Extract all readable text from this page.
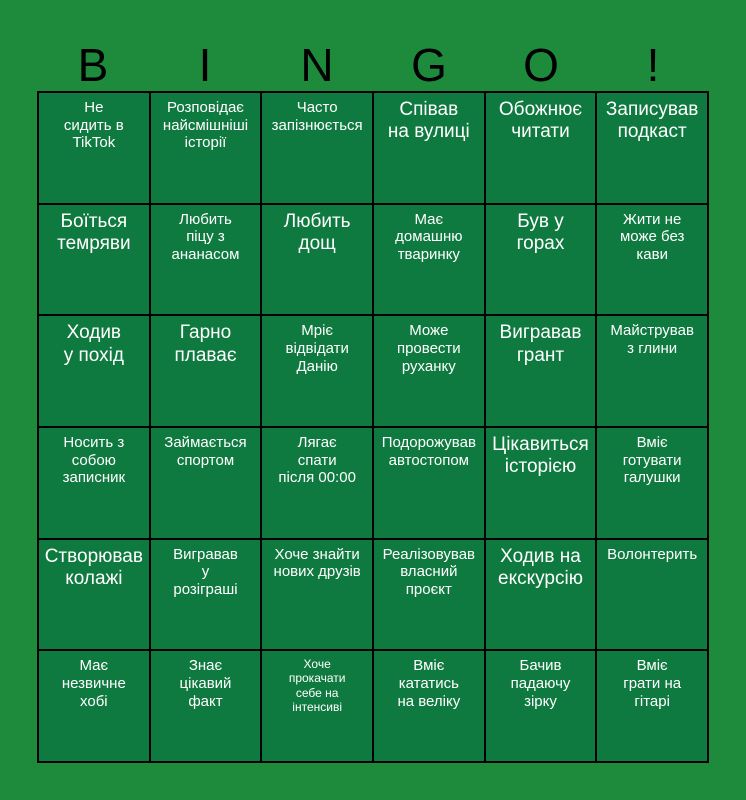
B	I	N	G	O	!
Не
сидить в
TikTok
Розповідає
найсмішніші
історії
Часто
запізнюється
Співав
на вулиці
Обожнює
читати
Записував
подкаст
Боїться
темряви
Любить
піцу з
ананасом
Любить
дощ
Має
домашню
тваринку
Був у
горах
Жити не
може без
кави
Ходив
у похід
Гарно
плаває
Мріє
відвідати
Данію
Може
провести
руханку
Вигравав
грант
Майстрував
з глини
Носить з
собою
записник
Займається
спортом
Лягає
спати
після 00:00
Подорожував
автостопом
Цікавиться
історією
Вміє
готувати
галушки
Створював
колажі
Вигравав
у
розіграші
Хоче знайти
нових друзів
Реалізовував
власний
проєкт
Ходив на
екскурсію
Волонтерить
Має
незвичне
хобі
Знає
цікавий
факт
Хоче
прокачати
себе на
інтенсиві
Вміє
кататись
на веліку
Бачив
падаючу
зірку
Вміє
грати на
гітарі
